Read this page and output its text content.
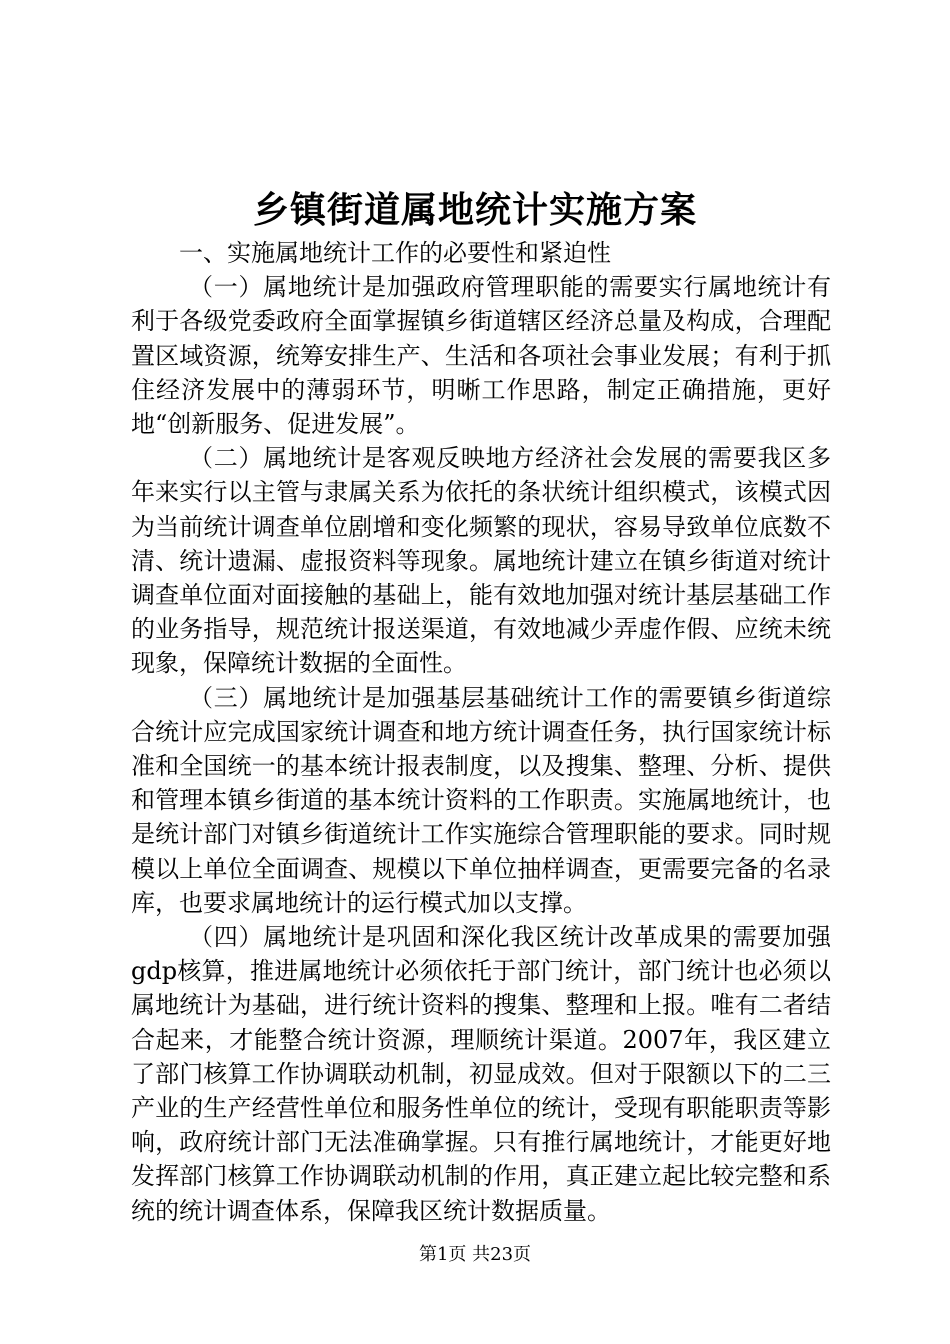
乡镇街道属地统计实施方案

一、实施属地统计工作的必要性和紧迫性

（一）属地统计是加强政府管理职能的需要实行属地统计有利于各级党委政府全面掌握镇乡街道辖区经济总量及构成，合理配置区域资源，统筹安排生产、生活和各项社会事业发展；有利于抓住经济发展中的薄弱环节，明晰工作思路，制定正确措施，更好地“创新服务、促进发展”。

（二）属地统计是客观反映地方经济社会发展的需要我区多年来实行以主管与隶属关系为依托的条状统计组织模式，该模式因为当前统计调查单位剧增和变化频繁的现状，容易导致单位底数不清、统计遗漏、虚报资料等现象。属地统计建立在镇乡街道对统计调查单位面对面接触的基础上，能有效地加强对统计基层基础工作的业务指导，规范统计报送渠道，有效地减少弄虚作假、应统未统现象，保障统计数据的全面性。

（三）属地统计是加强基层基础统计工作的需要镇乡街道综合统计应完成国家统计调查和地方统计调查任务，执行国家统计标准和全国统一的基本统计报表制度，以及搜集、整理、分析、提供和管理本镇乡街道的基本统计资料的工作职责。实施属地统计，也是统计部门对镇乡街道统计工作实施综合管理职能的要求。同时规模以上单位全面调查、规模以下单位抽样调查，更需要完备的名录库，也要求属地统计的运行模式加以支撑。

（四）属地统计是巩固和深化我区统计改革成果的需要加强gdp核算，推进属地统计必须依托于部门统计，部门统计也必须以属地统计为基础，进行统计资料的搜集、整理和上报。唯有二者结合起来，才能整合统计资源，理顺统计渠道。2007年，我区建立了部门核算工作协调联动机制，初显成效。但对于限额以下的二三产业的生产经营性单位和服务性单位的统计，受现有职能职责等影响，政府统计部门无法准确掌握。只有推行属地统计，才能更好地发挥部门核算工作协调联动机制的作用，真正建立起比较完整和系统的统计调查体系，保障我区统计数据质量。

第1页 共23页
